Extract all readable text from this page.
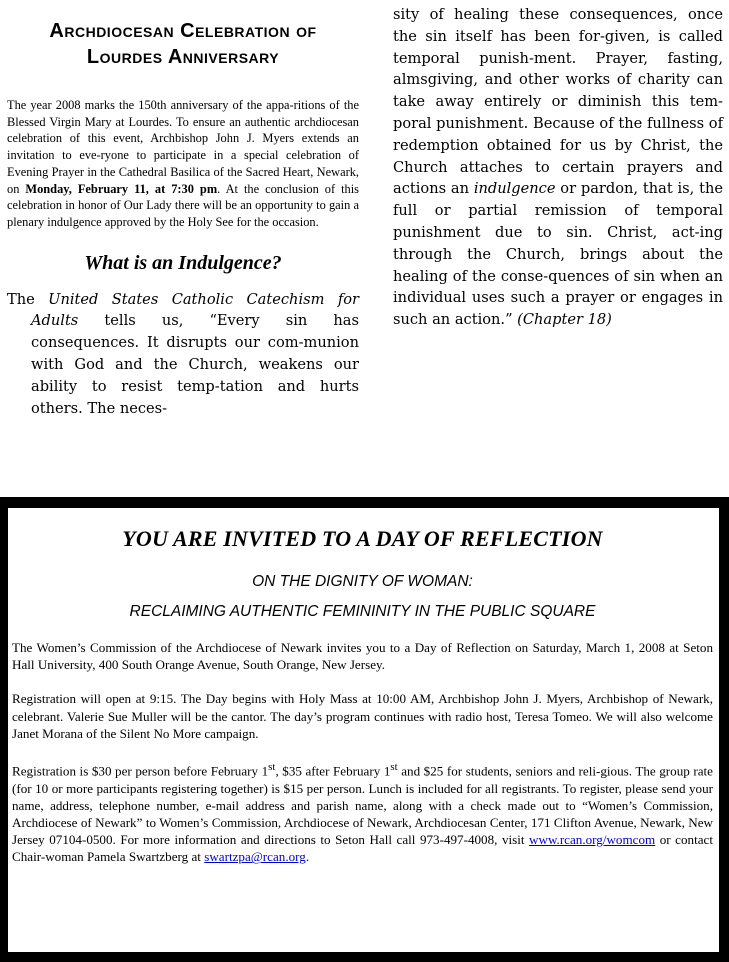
Archdiocesan Celebration of
Lourdes Anniversary

The year 2008 marks the 150th anniversary of the appa-ritions of the Blessed Virgin Mary at Lourdes. To ensure an authentic archdiocesan celebration of this event, Archbishop John J. Myers extends an invitation to eve-ryone to participate in a special celebration of Evening Prayer in the Cathedral Basilica of the Sacred Heart, Newark, on Monday, February 11, at 7:30 pm. At the conclusion of this celebration in honor of Our Lady there will be an opportunity to gain a plenary indulgence approved by the Holy See for the occasion.

What is an Indulgence?

The United States Catholic Catechism for Adults tells us, “Every sin has consequences. It disrupts our com-munion with God and the Church, weakens our ability to resist temp-tation and hurts others. The neces-

sity of healing these consequences, once the sin itself has been for-given, is called temporal punish-ment. Prayer, fasting, almsgiving, and other works of charity can take away entirely or diminish this tem-poral punishment. Because of the fullness of redemption obtained for us by Christ, the Church attaches to certain prayers and actions an indulgence or pardon, that is, the full or partial remission of temporal punishment due to sin. Christ, act-ing through the Church, brings about the healing of the conse-quences of sin when an individual uses such a prayer or engages in such an action.” (Chapter 18)

YOU ARE INVITED TO A DAY OF REFLECTION

ON THE DIGNITY OF WOMAN:

RECLAIMING AUTHENTIC FEMININITY IN THE PUBLIC SQUARE

The Women’s Commission of the Archdiocese of Newark invites you to a Day of Reflection on Saturday, March 1, 2008 at Seton Hall University, 400 South Orange Avenue, South Orange, New Jersey.

Registration will open at 9:15. The Day begins with Holy Mass at 10:00 AM, Archbishop John J. Myers, Archbishop of Newark, celebrant. Valerie Sue Muller will be the cantor. The day’s program continues with radio host, Teresa Tomeo. We will also welcome Janet Morana of the Silent No More campaign.

Registration is $30 per person before February 1st, $35 after February 1st and $25 for students, seniors and reli-gious. The group rate (for 10 or more participants registering together) is $15 per person. Lunch is included for all registrants. To register, please send your name, address, telephone number, e-mail address and parish name, along with a check made out to “Women’s Commission, Archdiocese of Newark” to Women’s Commission, Archdiocese of Newark, Archdiocesan Center, 171 Clifton Avenue, Newark, New Jersey 07104-0500. For more information and directions to Seton Hall call 973-497-4008, visit www.rcan.org/womcom or contact Chair-woman Pamela Swartzberg at swartzpa@rcan.org.
